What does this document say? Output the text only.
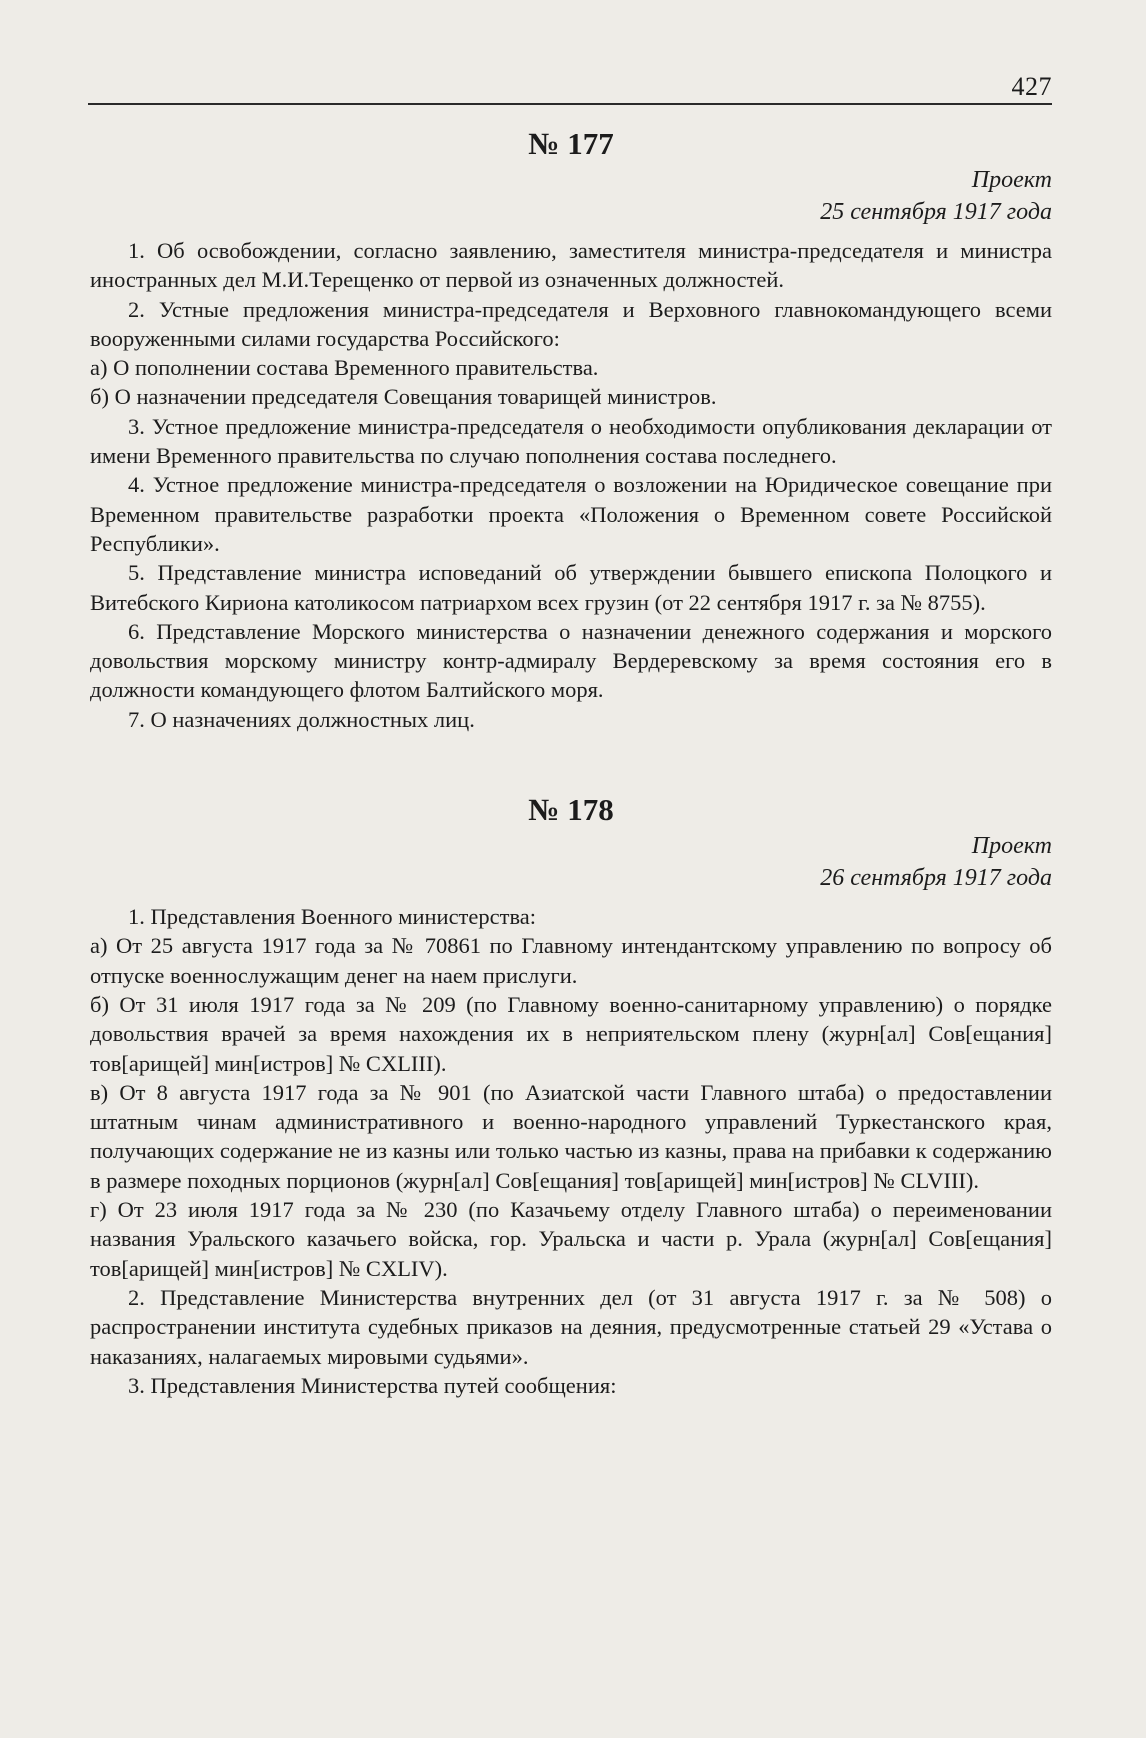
427
№ 177

Проект

25 сентября 1917 года

1. Об освобождении, согласно заявлению, заместителя министра-председателя и министра иностранных дел М.И.Терещенко от первой из означенных должностей.

2. Устные предложения министра-председателя и Верховного главнокомандующего всеми вооруженными силами государства Российского:

а) О пополнении состава Временного правительства.

б) О назначении председателя Совещания товарищей министров.

3. Устное предложение министра-председателя о необходимости опубликования декларации от имени Временного правительства по случаю пополнения состава последнего.

4. Устное предложение министра-председателя о возложении на Юридическое совещание при Временном правительстве разработки проекта «Положения о Временном совете Российской Республики».

5. Представление министра исповеданий об утверждении бывшего епископа Полоцкого и Витебского Кириона католикосом патриархом всех грузин (от 22 сентября 1917 г. за № 8755).

6. Представление Морского министерства о назначении денежного содержания и морского довольствия морскому министру контр-адмиралу Вердеревскому за время состояния его в должности командующего флотом Балтийского моря.

7. О назначениях должностных лиц.

№ 178

Проект

26 сентября 1917 года

1. Представления Военного министерства:

а) От 25 августа 1917 года за № 70861 по Главному интендантскому управлению по вопросу об отпуске военнослужащим денег на наем прислуги.

б) От 31 июля 1917 года за № 209 (по Главному военно-санитарному управлению) о порядке довольствия врачей за время нахождения их в неприятельском плену (журн[ал] Сов[ещания] тов[арищей] мин[истров] № CXLIII).

в) От 8 августа 1917 года за № 901 (по Азиатской части Главного штаба) о предоставлении штатным чинам административного и военно-народного управлений Туркестанского края, получающих содержание не из казны или только частью из казны, права на прибавки к содержанию в размере походных порционов (журн[ал] Сов[ещания] тов[арищей] мин[истров] № CLVIII).

г) От 23 июля 1917 года за № 230 (по Казачьему отделу Главного штаба) о переименовании названия Уральского казачьего войска, гор. Уральска и части р. Урала (журн[ал] Сов[ещания] тов[арищей] мин[истров] № CXLIV).

2. Представление Министерства внутренних дел (от 31 августа 1917 г. за № 508) о распространении института судебных приказов на деяния, предусмотренные статьей 29 «Устава о наказаниях, налагаемых мировыми судьями».

3. Представления Министерства путей сообщения:
